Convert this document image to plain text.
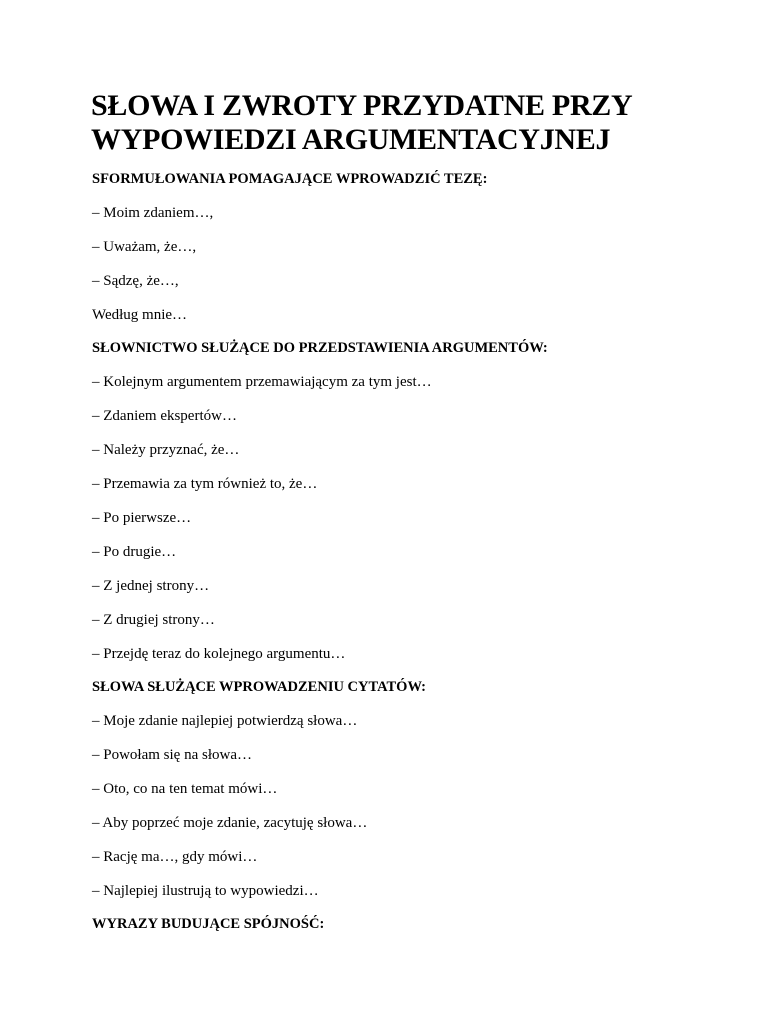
SŁOWA I ZWROTY PRZYDATNE PRZY
WYPOWIEDZI ARGUMENTACYJNEJ

SFORMUŁOWANIA POMAGAJĄCE WPROWADZIĆ TEZĘ:

– Moim zdaniem…,

– Uważam, że…,

– Sądzę, że…,

Według mnie…

SŁOWNICTWO SŁUŻĄCE DO PRZEDSTAWIENIA ARGUMENTÓW:

– Kolejnym argumentem przemawiającym za tym jest…

– Zdaniem ekspertów…

– Należy przyznać, że…

– Przemawia za tym również to, że…

– Po pierwsze…

– Po drugie…

– Z jednej strony…

– Z drugiej strony…

– Przejdę teraz do kolejnego argumentu…

SŁOWA SŁUŻĄCE WPROWADZENIU CYTATÓW:

– Moje zdanie najlepiej potwierdzą słowa…

– Powołam się na słowa…

– Oto, co na ten temat mówi…

– Aby poprzeć moje zdanie, zacytuję słowa…

– Rację ma…, gdy mówi…

– Najlepiej ilustrują to wypowiedzi…

WYRAZY BUDUJĄCE SPÓJNOŚĆ:
